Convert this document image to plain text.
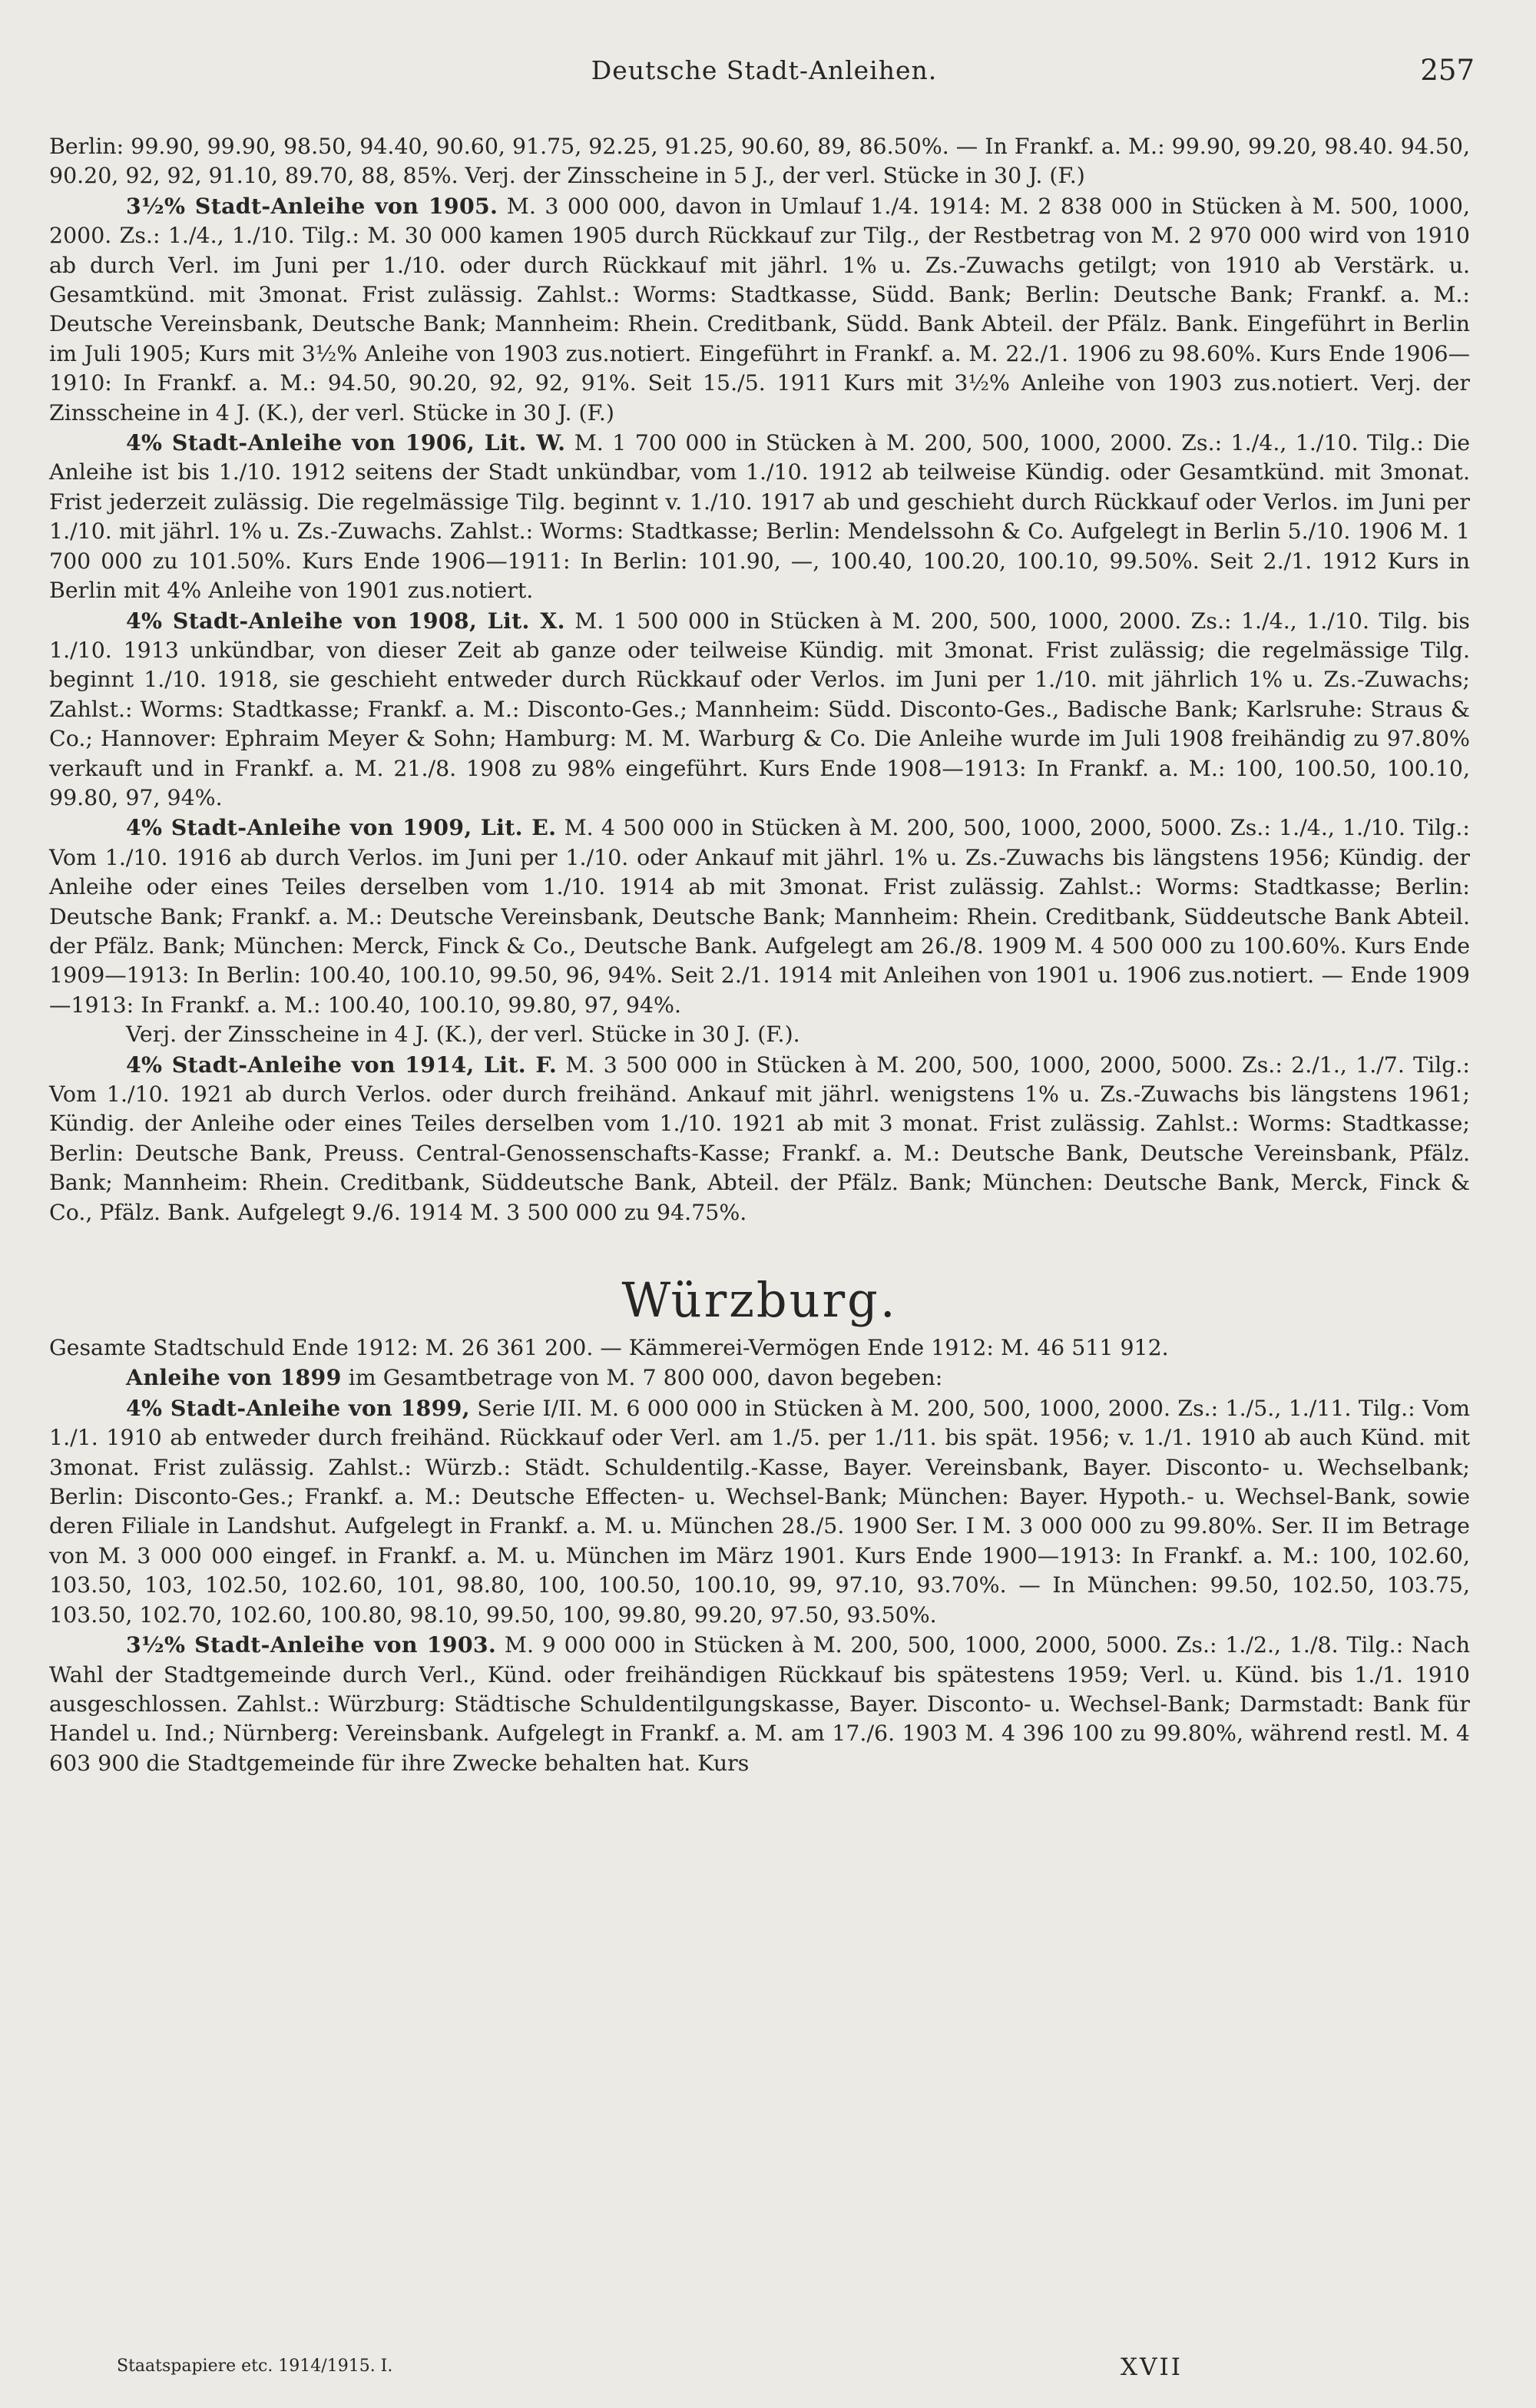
Deutsche Stadt-Anleihen.	257

Berlin: 99.90, 99.90, 98.50, 94.40, 90.60, 91.75, 92.25, 91.25, 90.60, 89, 86.50%. — In Frankf. a. M.: 99.90, 99.20, 98.40. 94.50, 90.20, 92, 92, 91.10, 89.70, 88, 85%. Verj. der Zinsscheine in 5 J., der verl. Stücke in 30 J. (F.)

3½% Stadt-Anleihe von 1905. M. 3 000 000, davon in Umlauf 1./4. 1914: M. 2 838 000 in Stücken à M. 500, 1000, 2000. Zs.: 1./4., 1./10. Tilg.: M. 30 000 kamen 1905 durch Rückkauf zur Tilg., der Restbetrag von M. 2 970 000 wird von 1910 ab durch Verl. im Juni per 1./10. oder durch Rückkauf mit jährl. 1% u. Zs.-Zuwachs getilgt; von 1910 ab Verstärk. u. Gesamtkünd. mit 3monat. Frist zulässig. Zahlst.: Worms: Stadtkasse, Südd. Bank; Berlin: Deutsche Bank; Frankf. a. M.: Deutsche Vereinsbank, Deutsche Bank; Mannheim: Rhein. Creditbank, Südd. Bank Abteil. der Pfälz. Bank. Eingeführt in Berlin im Juli 1905; Kurs mit 3½% Anleihe von 1903 zus.notiert. Eingeführt in Frankf. a. M. 22./1. 1906 zu 98.60%. Kurs Ende 1906—1910: In Frankf. a. M.: 94.50, 90.20, 92, 92, 91%. Seit 15./5. 1911 Kurs mit 3½% Anleihe von 1903 zus.notiert. Verj. der Zinsscheine in 4 J. (K.), der verl. Stücke in 30 J. (F.)

4% Stadt-Anleihe von 1906, Lit. W. M. 1 700 000 in Stücken à M. 200, 500, 1000, 2000. Zs.: 1./4., 1./10. Tilg.: Die Anleihe ist bis 1./10. 1912 seitens der Stadt unkündbar, vom 1./10. 1912 ab teilweise Kündig. oder Gesamtkünd. mit 3monat. Frist jederzeit zulässig. Die regelmässige Tilg. beginnt v. 1./10. 1917 ab und geschieht durch Rückkauf oder Verlos. im Juni per 1./10. mit jährl. 1% u. Zs.-Zuwachs. Zahlst.: Worms: Stadtkasse; Berlin: Mendelssohn & Co. Aufgelegt in Berlin 5./10. 1906 M. 1 700 000 zu 101.50%. Kurs Ende 1906—1911: In Berlin: 101.90, —, 100.40, 100.20, 100.10, 99.50%. Seit 2./1. 1912 Kurs in Berlin mit 4% Anleihe von 1901 zus.notiert.

4% Stadt-Anleihe von 1908, Lit. X. M. 1 500 000 in Stücken à M. 200, 500, 1000, 2000. Zs.: 1./4., 1./10. Tilg. bis 1./10. 1913 unkündbar, von dieser Zeit ab ganze oder teilweise Kündig. mit 3monat. Frist zulässig; die regelmässige Tilg. beginnt 1./10. 1918, sie geschieht entweder durch Rückkauf oder Verlos. im Juni per 1./10. mit jährlich 1% u. Zs.-Zuwachs; Zahlst.: Worms: Stadtkasse; Frankf. a. M.: Disconto-Ges.; Mannheim: Südd. Disconto-Ges., Badische Bank; Karlsruhe: Straus & Co.; Hannover: Ephraim Meyer & Sohn; Hamburg: M. M. Warburg & Co. Die Anleihe wurde im Juli 1908 freihändig zu 97.80% verkauft und in Frankf. a. M. 21./8. 1908 zu 98% eingeführt. Kurs Ende 1908—1913: In Frankf. a. M.: 100, 100.50, 100.10, 99.80, 97, 94%.

4% Stadt-Anleihe von 1909, Lit. E. M. 4 500 000 in Stücken à M. 200, 500, 1000, 2000, 5000. Zs.: 1./4., 1./10. Tilg.: Vom 1./10. 1916 ab durch Verlos. im Juni per 1./10. oder Ankauf mit jährl. 1% u. Zs.-Zuwachs bis längstens 1956; Kündig. der Anleihe oder eines Teiles derselben vom 1./10. 1914 ab mit 3monat. Frist zulässig. Zahlst.: Worms: Stadtkasse; Berlin: Deutsche Bank; Frankf. a. M.: Deutsche Vereinsbank, Deutsche Bank; Mannheim: Rhein. Creditbank, Süddeutsche Bank Abteil. der Pfälz. Bank; München: Merck, Finck & Co., Deutsche Bank. Aufgelegt am 26./8. 1909 M. 4 500 000 zu 100.60%. Kurs Ende 1909—1913: In Berlin: 100.40, 100.10, 99.50, 96, 94%. Seit 2./1. 1914 mit Anleihen von 1901 u. 1906 zus.notiert. — Ende 1909—1913: In Frankf. a. M.: 100.40, 100.10, 99.80, 97, 94%.

Verj. der Zinsscheine in 4 J. (K.), der verl. Stücke in 30 J. (F.).

4% Stadt-Anleihe von 1914, Lit. F. M. 3 500 000 in Stücken à M. 200, 500, 1000, 2000, 5000. Zs.: 2./1., 1./7. Tilg.: Vom 1./10. 1921 ab durch Verlos. oder durch freihänd. Ankauf mit jährl. wenigstens 1% u. Zs.-Zuwachs bis längstens 1961; Kündig. der Anleihe oder eines Teiles derselben vom 1./10. 1921 ab mit 3 monat. Frist zulässig. Zahlst.: Worms: Stadtkasse; Berlin: Deutsche Bank, Preuss. Central-Genossenschafts-Kasse; Frankf. a. M.: Deutsche Bank, Deutsche Vereinsbank, Pfälz. Bank; Mannheim: Rhein. Creditbank, Süddeutsche Bank, Abteil. der Pfälz. Bank; München: Deutsche Bank, Merck, Finck & Co., Pfälz. Bank. Aufgelegt 9./6. 1914 M. 3 500 000 zu 94.75%.

Würzburg.

Gesamte Stadtschuld Ende 1912: M. 26 361 200. — Kämmerei-Vermögen Ende 1912: M. 46 511 912.

Anleihe von 1899 im Gesamtbetrage von M. 7 800 000, davon begeben:

4% Stadt-Anleihe von 1899, Serie I/II. M. 6 000 000 in Stücken à M. 200, 500, 1000, 2000. Zs.: 1./5., 1./11. Tilg.: Vom 1./1. 1910 ab entweder durch freihänd. Rückkauf oder Verl. am 1./5. per 1./11. bis spät. 1956; v. 1./1. 1910 ab auch Künd. mit 3monat. Frist zulässig. Zahlst.: Würzb.: Städt. Schuldentilg.-Kasse, Bayer. Vereinsbank, Bayer. Disconto- u. Wechselbank; Berlin: Disconto-Ges.; Frankf. a. M.: Deutsche Effecten- u. Wechsel-Bank; München: Bayer. Hypoth.- u. Wechsel-Bank, sowie deren Filiale in Landshut. Aufgelegt in Frankf. a. M. u. München 28./5. 1900 Ser. I M. 3 000 000 zu 99.80%. Ser. II im Betrage von M. 3 000 000 eingef. in Frankf. a. M. u. München im März 1901. Kurs Ende 1900—1913: In Frankf. a. M.: 100, 102.60, 103.50, 103, 102.50, 102.60, 101, 98.80, 100, 100.50, 100.10, 99, 97.10, 93.70%. — In München: 99.50, 102.50, 103.75, 103.50, 102.70, 102.60, 100.80, 98.10, 99.50, 100, 99.80, 99.20, 97.50, 93.50%.

3½% Stadt-Anleihe von 1903. M. 9 000 000 in Stücken à M. 200, 500, 1000, 2000, 5000. Zs.: 1./2., 1./8. Tilg.: Nach Wahl der Stadtgemeinde durch Verl., Künd. oder freihändigen Rückkauf bis spätestens 1959; Verl. u. Künd. bis 1./1. 1910 ausgeschlossen. Zahlst.: Würzburg: Städtische Schuldentilgungskasse, Bayer. Disconto- u. Wechsel-Bank; Darmstadt: Bank für Handel u. Ind.; Nürnberg: Vereinsbank. Aufgelegt in Frankf. a. M. am 17./6. 1903 M. 4 396 100 zu 99.80%, während restl. M. 4 603 900 die Stadtgemeinde für ihre Zwecke behalten hat. Kurs

Staatspapiere etc. 1914/1915. I.	XVII
